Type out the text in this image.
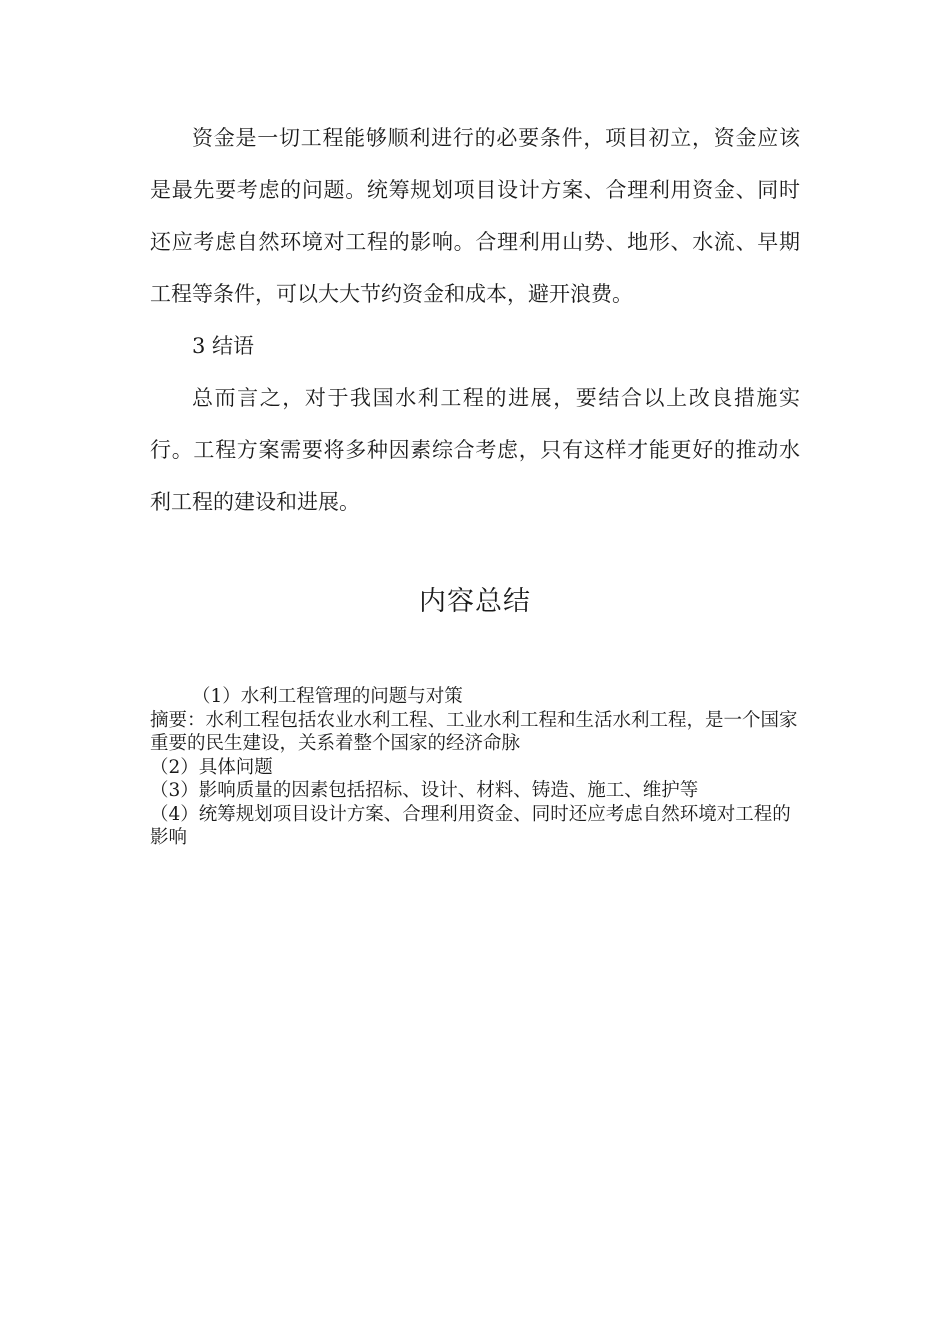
资金是一切工程能够顺利进行的必要条件，项目初立，资金应该是最先要考虑的问题。统筹规划项目设计方案、合理利用资金、同时还应考虑自然环境对工程的影响。合理利用山势、地形、水流、早期工程等条件，可以大大节约资金和成本，避开浪费。

3 结语

总而言之，对于我国水利工程的进展，要结合以上改良措施实行。工程方案需要将多种因素综合考虑，只有这样才能更好的推动水利工程的建设和进展。

内容总结
（1）水利工程管理的问题与对策
摘要：水利工程包括农业水利工程、工业水利工程和生活水利工程，是一个国家重要的民生建设，关系着整个国家的经济命脉
（2）具体问题
（3）影响质量的因素包括招标、设计、材料、铸造、施工、维护等
（4）统筹规划项目设计方案、合理利用资金、同时还应考虑自然环境对工程的影响
